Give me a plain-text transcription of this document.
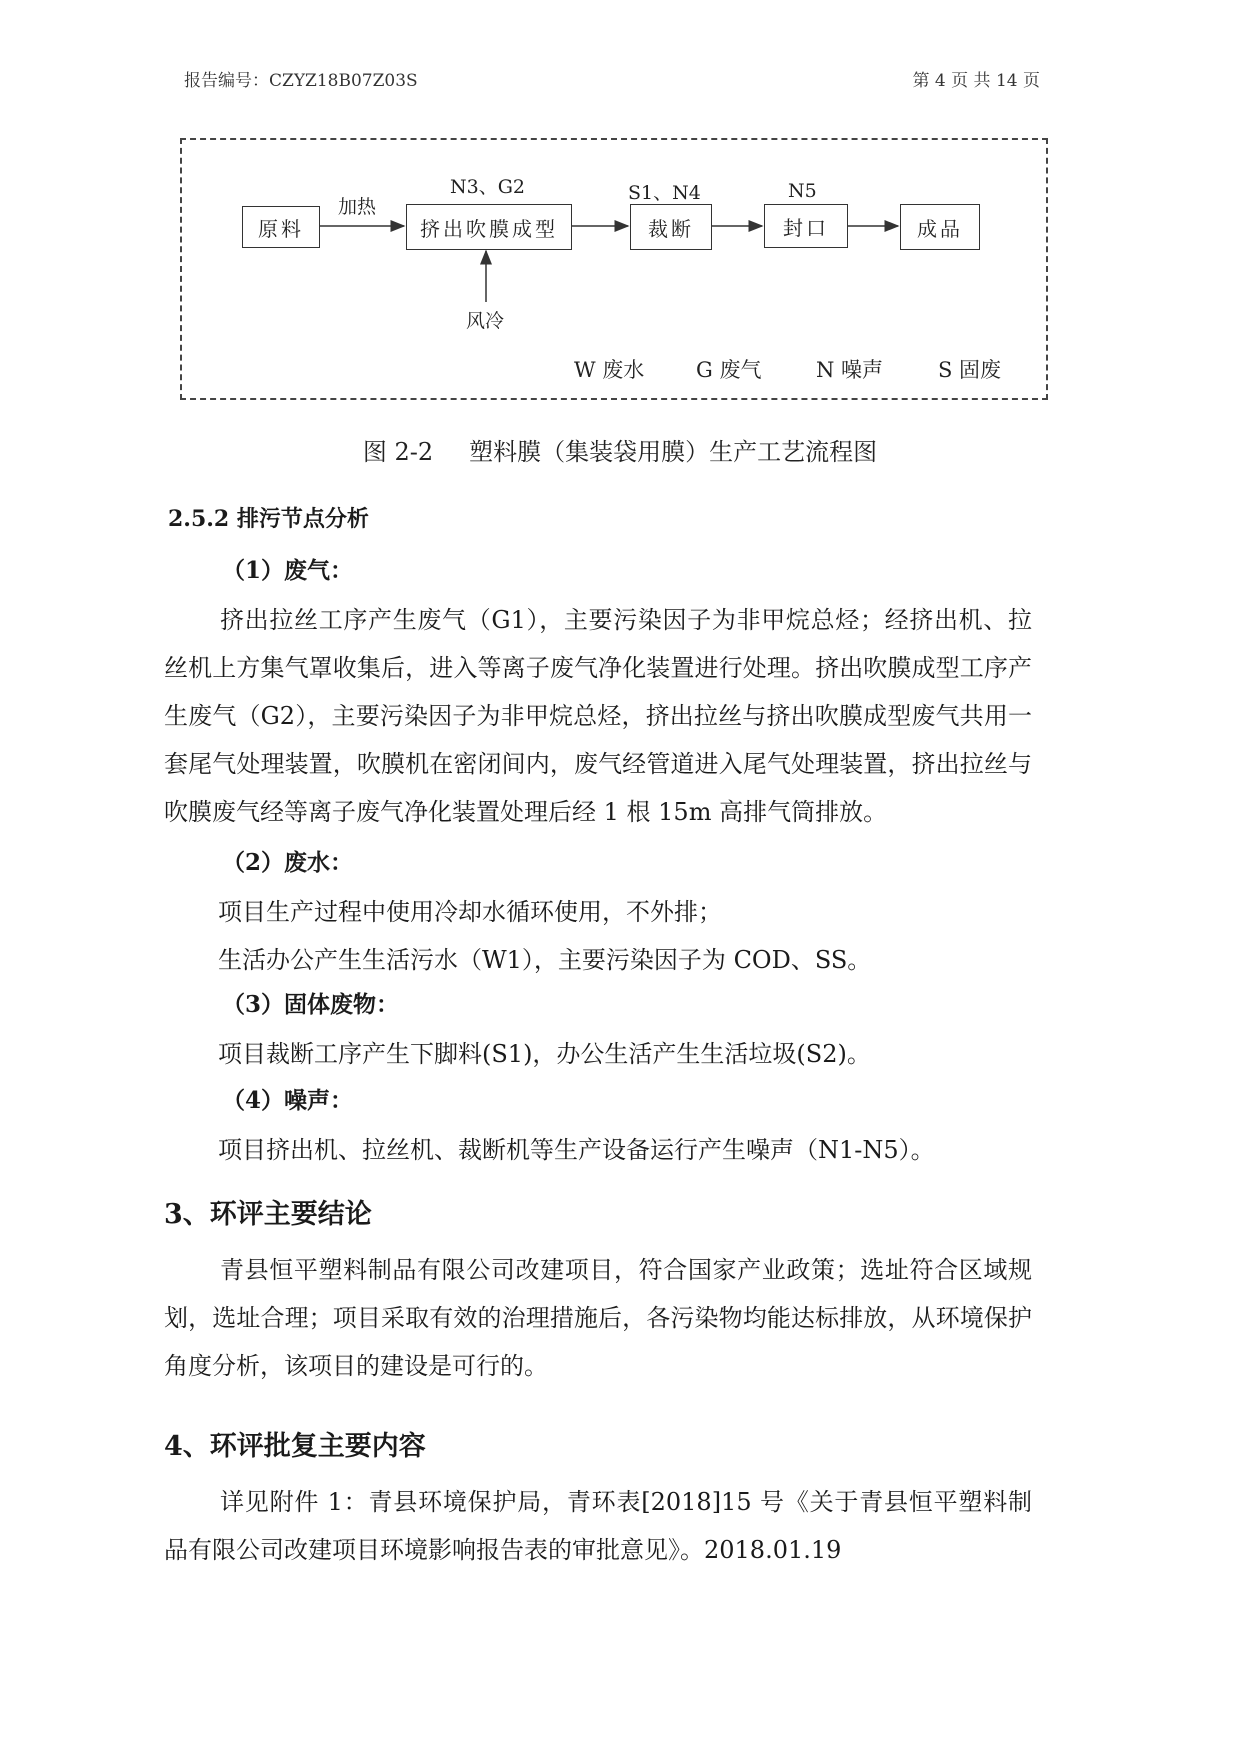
报告编号：CZYZ18B07Z03S	第 4 页 共 14 页
原料	挤出吹膜成型	裁断	封口	成品
加热
N3、G2	S1、N4	N5
风冷
W 废水 G 废气	N 噪声	S 固废
图 2-2 塑料膜（集装袋用膜）生产工艺流程图
2.5.2 排污节点分析
（1）废气：
挤出拉丝工序产生废气（G1），主要污染因子为非甲烷总烃；经挤出机、拉丝机上方集气罩收集后，进入等离子废气净化装置进行处理。挤出吹膜成型工序产生废气（G2），主要污染因子为非甲烷总烃，挤出拉丝与挤出吹膜成型废气共用一套尾气处理装置，吹膜机在密闭间内，废气经管道进入尾气处理装置，挤出拉丝与吹膜废气经等离子废气净化装置处理后经 1 根 15m 高排气筒排放。
（2）废水：
项目生产过程中使用冷却水循环使用，不外排；
生活办公产生生活污水（W1），主要污染因子为 COD、SS。
（3）固体废物：
项目裁断工序产生下脚料(S1)，办公生活产生生活垃圾(S2)。
（4）噪声：
项目挤出机、拉丝机、裁断机等生产设备运行产生噪声（N1-N5）。
3、环评主要结论
青县恒平塑料制品有限公司改建项目，符合国家产业政策；选址符合区域规划，选址合理；项目采取有效的治理措施后，各污染物均能达标排放，从环境保护角度分析，该项目的建设是可行的。
4、环评批复主要内容
详见附件 1：青县环境保护局，青环表[2018]15 号《关于青县恒平塑料制品有限公司改建项目环境影响报告表的审批意见》。2018.01.19
